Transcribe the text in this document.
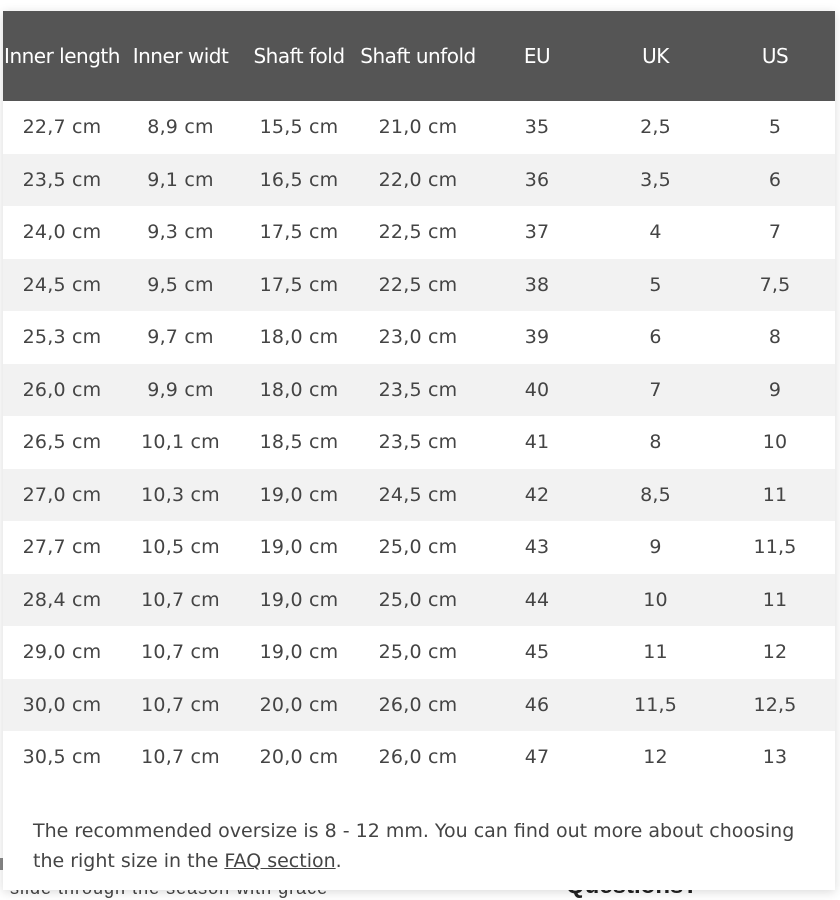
Inner length	Inner widt	Shaft fold	Shaft unfold	EU	UK	US
22,7 cm	8,9 cm	15,5 cm	21,0 cm	35	2,5	5
23,5 cm	9,1 cm	16,5 cm	22,0 cm	36	3,5	6
24,0 cm	9,3 cm	17,5 cm	22,5 cm	37	4	7
24,5 cm	9,5 cm	17,5 cm	22,5 cm	38	5	7,5
25,3 cm	9,7 cm	18,0 cm	23,0 cm	39	6	8
26,0 cm	9,9 cm	18,0 cm	23,5 cm	40	7	9
26,5 cm	10,1 cm	18,5 cm	23,5 cm	41	8	10
27,0 cm	10,3 cm	19,0 cm	24,5 cm	42	8,5	11
27,7 cm	10,5 cm	19,0 cm	25,0 cm	43	9	11,5
28,4 cm	10,7 cm	19,0 cm	25,0 cm	44	10	11
29,0 cm	10,7 cm	19,0 cm	25,0 cm	45	11	12
30,0 cm	10,7 cm	20,0 cm	26,0 cm	46	11,5	12,5
30,5 cm	10,7 cm	20,0 cm	26,0 cm	47	12	13

The recommended oversize is 8 - 12 mm. You can find out more about choosing the right size in the FAQ section.
